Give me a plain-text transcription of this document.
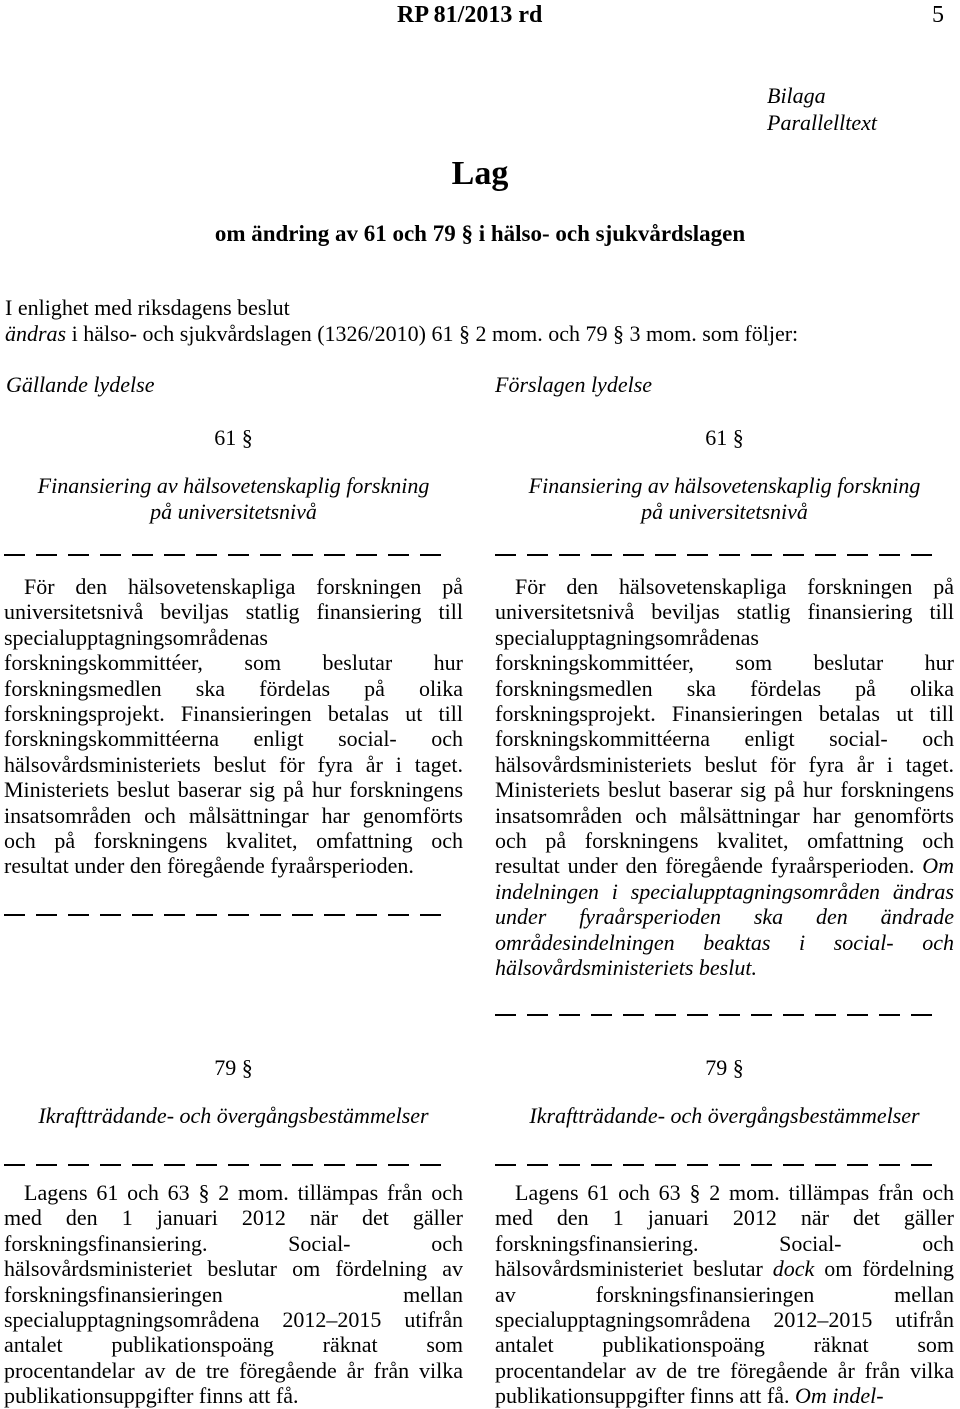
RP 81/2013 rd	5
Bilaga
Parallelltext
Lag
om ändring av 61 och 79 § i hälso- och sjukvårdslagen
I enlighet med riksdagens beslut
ändras i hälso- och sjukvårdslagen (1326/2010) 61 § 2 mom. och 79 § 3 mom. som följer:
Gällande lydelse
61 §
Finansiering av hälsovetenskaplig forskning
på universitetsnivå
För den hälsovetenskapliga forskningen på universitetsnivå beviljas statlig finansiering till specialupptagningsområdenas forskningskommittéer, som beslutar hur forskningsmedlen ska fördelas på olika forskningsprojekt. Finansieringen betalas ut till forskningskommittéerna enligt social- och hälsovårdsministeriets beslut för fyra år i taget. Ministeriets beslut baserar sig på hur forskningens insatsområden och målsättningar har genomförts och på forskningens kvalitet, omfattning och resultat under den föregående fyraårsperioden.
79 §
Ikraftträdande- och övergångsbestämmelser
Lagens 61 och 63 § 2 mom. tillämpas från och med den 1 januari 2012 när det gäller forskningsfinansiering. Social- och hälsovårdsministeriet beslutar om fördelning av forskningsfinansieringen mellan specialupptagningsområdena 2012–2015 utifrån antalet publikationspoäng räknat som procentandelar av de tre föregående år från vilka publikationsuppgifter finns att få.
Förslagen lydelse
61 §
Finansiering av hälsovetenskaplig forskning
på universitetsnivå
För den hälsovetenskapliga forskningen på universitetsnivå beviljas statlig finansiering till specialupptagningsområdenas forskningskommittéer, som beslutar hur forskningsmedlen ska fördelas på olika forskningsprojekt. Finansieringen betalas ut till forskningskommittéerna enligt social- och hälsovårdsministeriets beslut för fyra år i taget. Ministeriets beslut baserar sig på hur forskningens insatsområden och målsättningar har genomförts och på forskningens kvalitet, omfattning och resultat under den föregående fyraårsperioden. Om indelningen i specialupptagningsområden ändras under fyraårsperioden ska den ändrade områdesindelningen beaktas i social- och hälsovårdsministeriets beslut.
79 §
Ikraftträdande- och övergångsbestämmelser
Lagens 61 och 63 § 2 mom. tillämpas från och med den 1 januari 2012 när det gäller forskningsfinansiering. Social- och hälsovårdsministeriet beslutar dock om fördelning av forskningsfinansieringen mellan specialupptagningsområdena 2012–2015 utifrån antalet publikationspoäng räknat som procentandelar av de tre föregående år från vilka publikationsuppgifter finns att få. Om indel-
